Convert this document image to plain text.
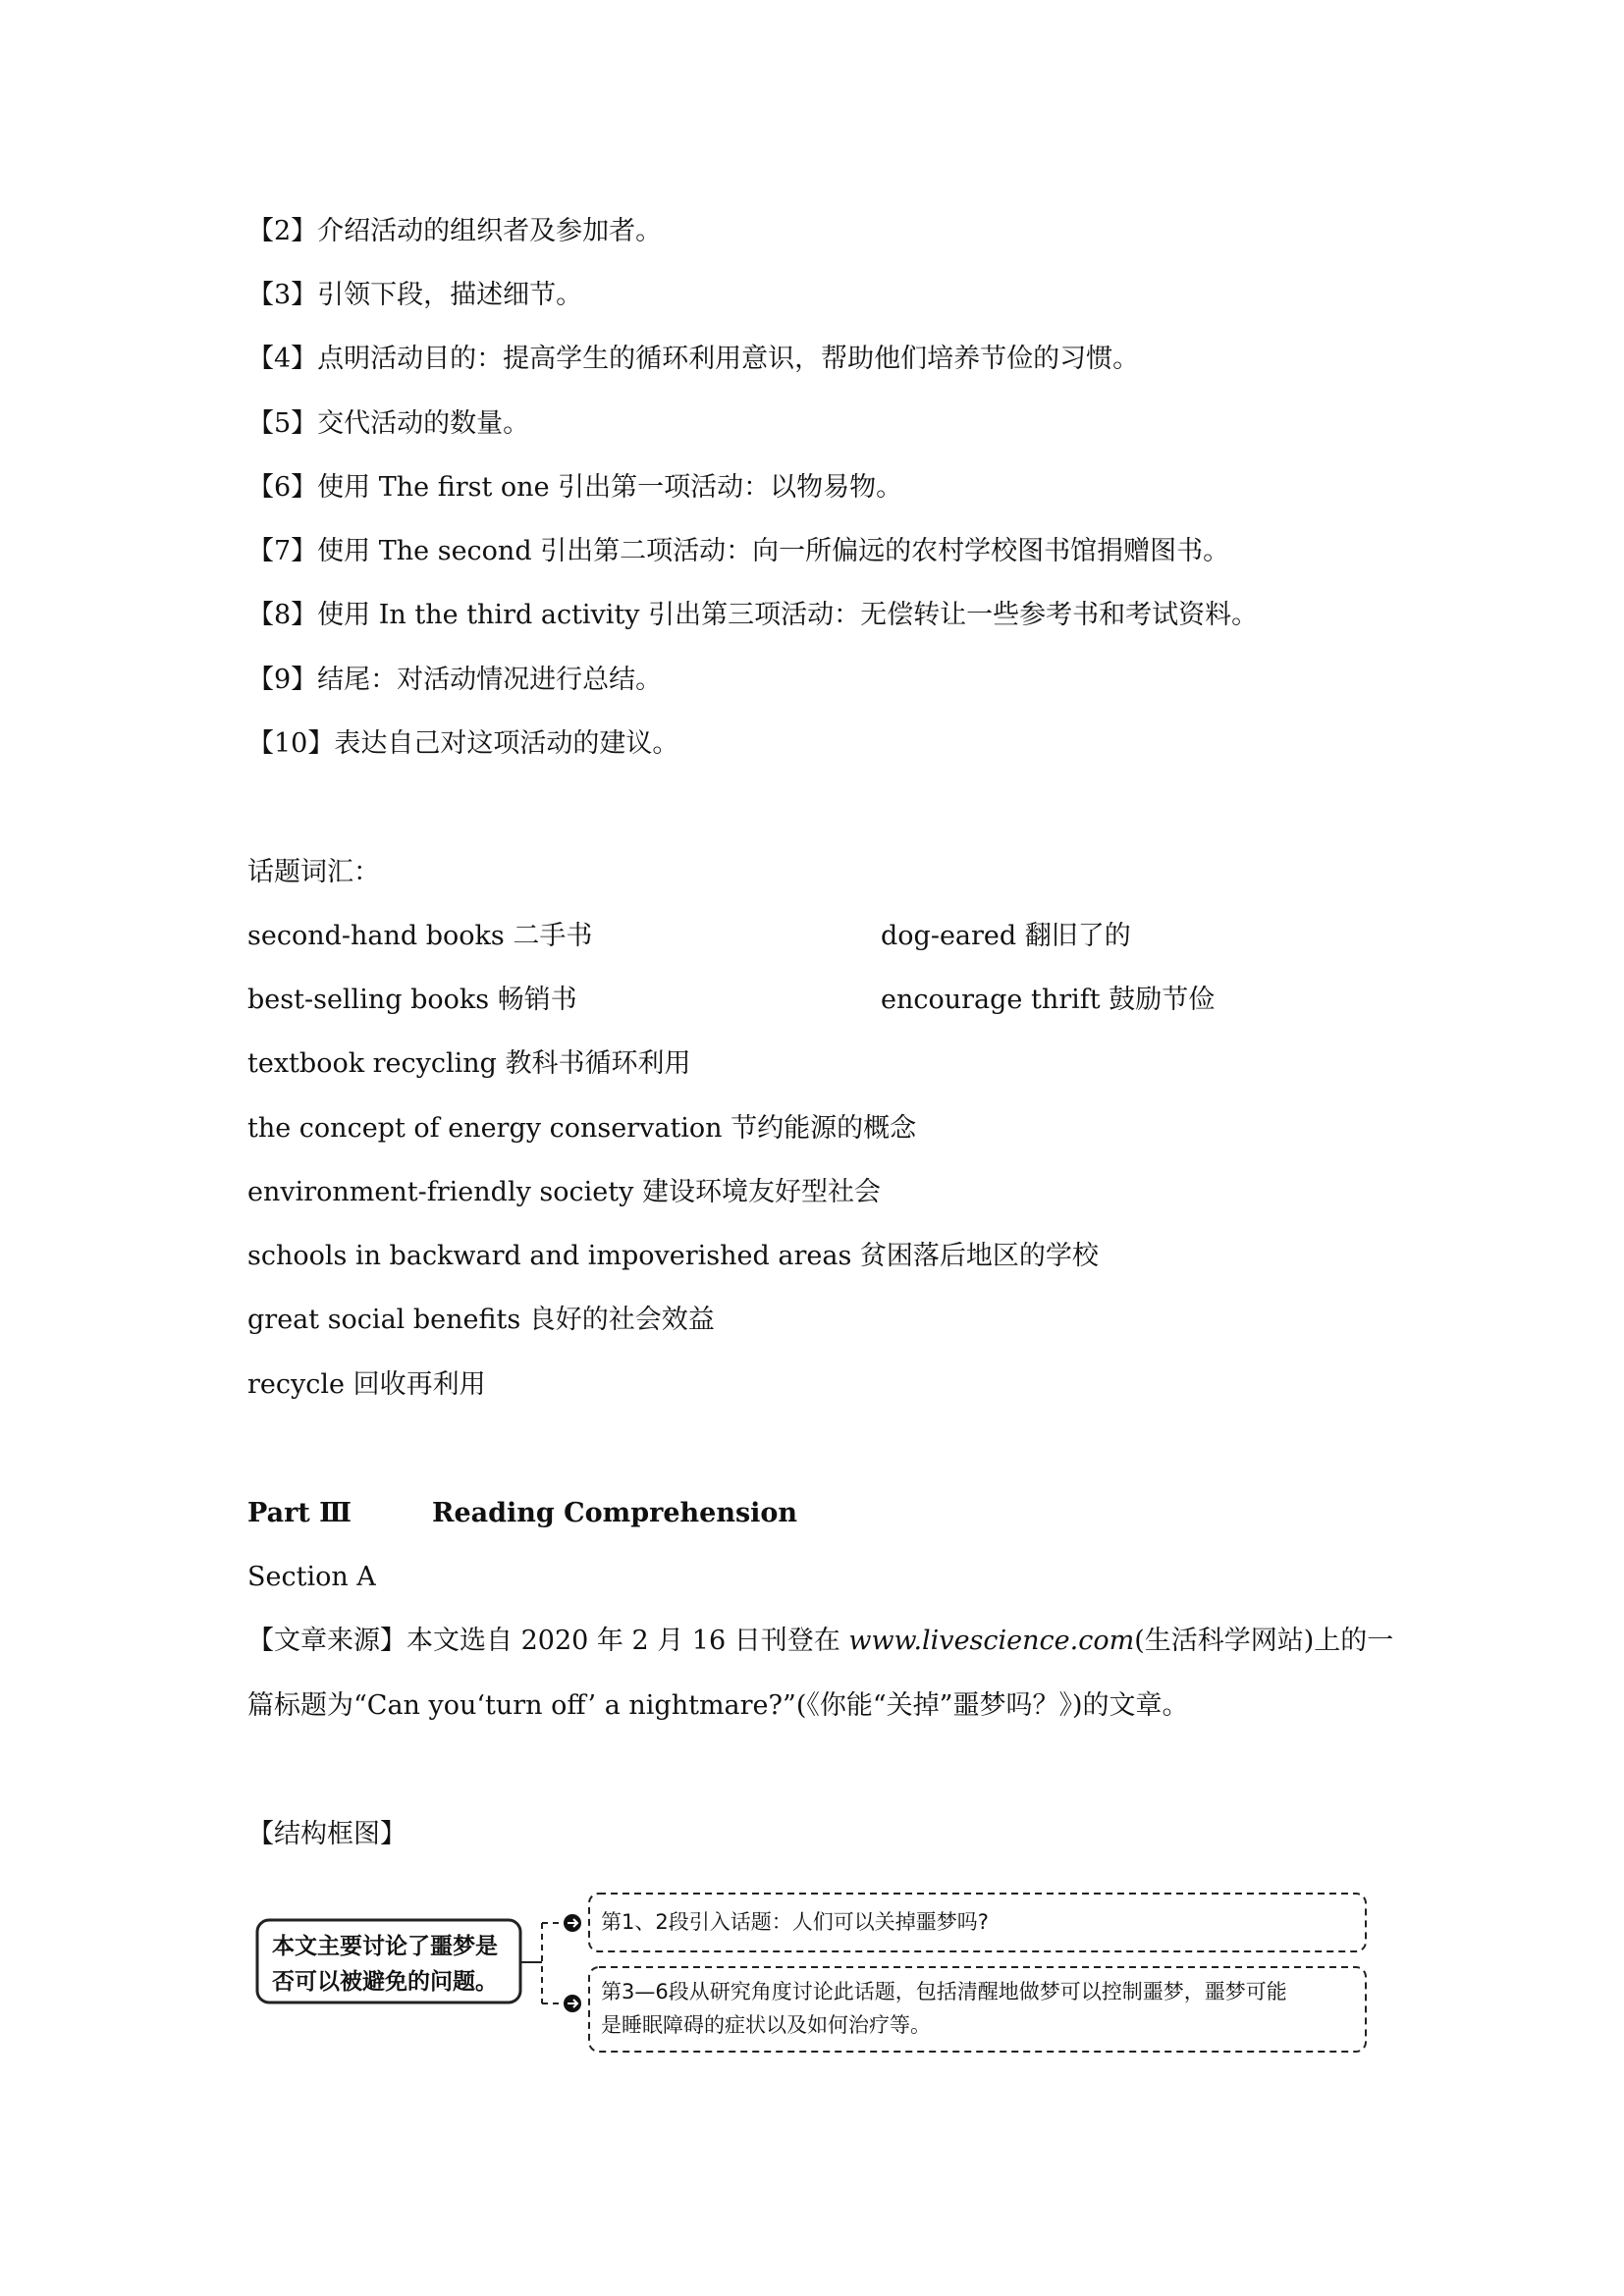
【2】介绍活动的组织者及参加者。
【3】引领下段，描述细节。
【4】点明活动目的：提高学生的循环利用意识，帮助他们培养节俭的习惯。
【5】交代活动的数量。
【6】使用 The first one 引出第一项活动：以物易物。
【7】使用 The second 引出第二项活动：向一所偏远的农村学校图书馆捐赠图书。
【8】使用 In the third activity 引出第三项活动：无偿转让一些参考书和考试资料。
【9】结尾：对活动情况进行总结。
【10】表达自己对这项活动的建议。
话题词汇：
second-hand books 二手书	dog-eared 翻旧了的
best-selling books 畅销书	encourage thrift 鼓励节俭
textbook recycling 教科书循环利用
the concept of energy conservation 节约能源的概念
environment-friendly society 建设环境友好型社会
schools in backward and impoverished areas 贫困落后地区的学校
great social benefits 良好的社会效益
recycle 回收再利用
Part Ⅲ	Reading Comprehension
Section A
【文章来源】本文选自 2020 年 2 月 16 日刊登在 www.livescience.com(生活科学网站)上的一
篇标题为“Can you‘turn off’ a nightmare?”(《你能“关掉”噩梦吗？》)的文章。
【结构框图】
本文主要讨论了噩梦是
否可以被避免的问题。
第1、2段引入话题：人们可以关掉噩梦吗?
第3—6段从研究角度讨论此话题，包括清醒地做梦可以控制噩梦，噩梦可能
是睡眠障碍的症状以及如何治疗等。
